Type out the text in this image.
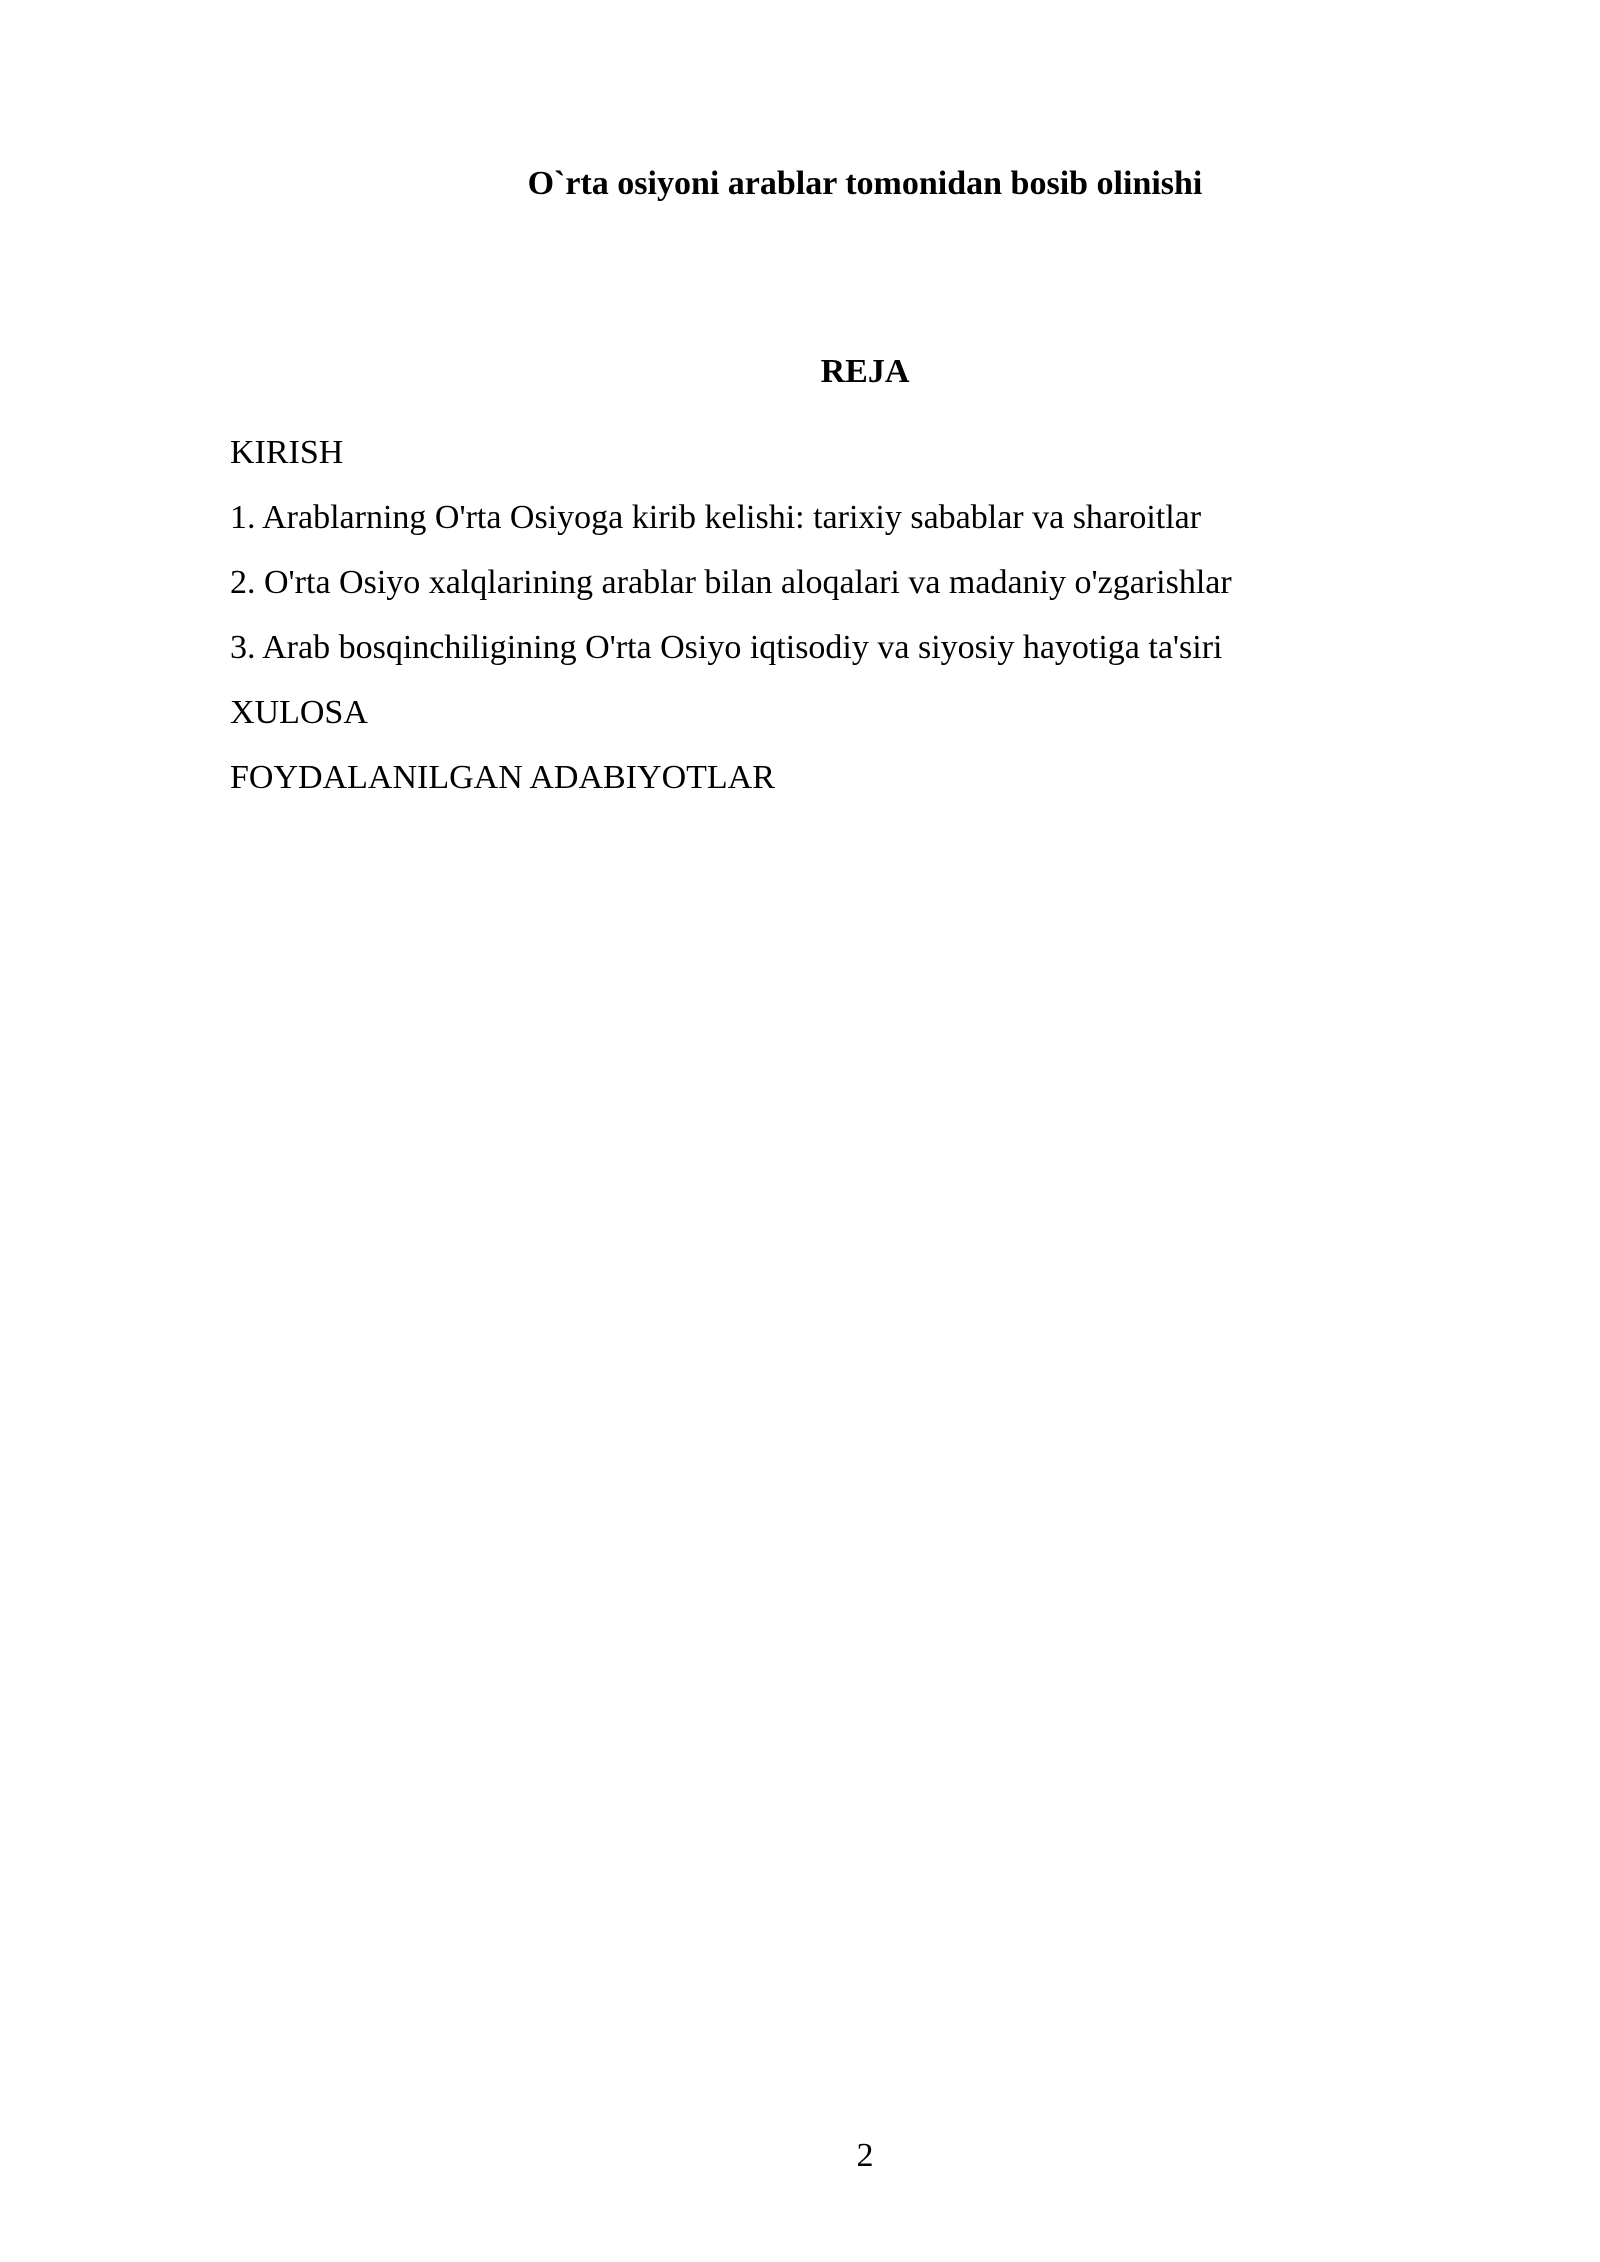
O`rta osiyoni arablar tomonidan bosib olinishi
REJA
KIRISH
1. Arablarning O'rta Osiyoga kirib kelishi: tarixiy sabablar va sharoitlar
2. O'rta Osiyo xalqlarining arablar bilan aloqalari va madaniy o'zgarishlar
3. Arab bosqinchiligining O'rta Osiyo iqtisodiy va siyosiy hayotiga ta'siri
XULOSA
FOYDALANILGAN ADABIYOTLAR
2
